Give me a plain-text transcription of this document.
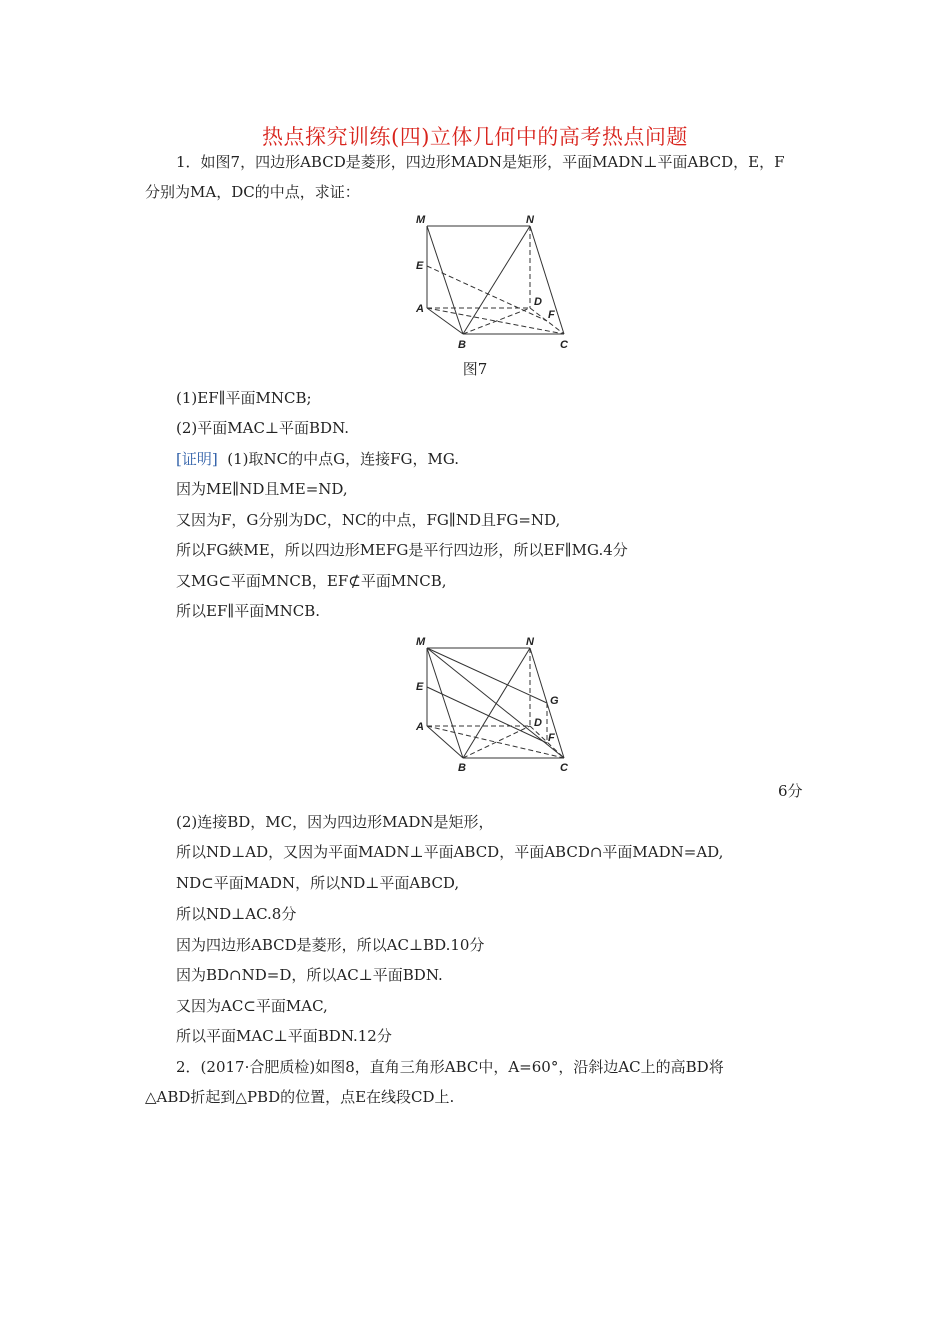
热点探究训练(四)立体几何中的高考热点问题
1．如图7，四边形ABCD是菱形，四边形MADN是矩形，平面MADN⊥平面ABCD，E，F
分别为MA，DC的中点，求证：
M	N
E
A
D
F
B	C
图7
(1)EF∥平面MNCB;
(2)平面MAC⊥平面BDN.
[证明] (1)取NC的中点G，连接FG，MG.
因为ME∥ND且ME=ND,
又因为F，G分别为DC，NC的中点，FG∥ND且FG=ND,
所以FG綊ME，所以四边形MEFG是平行四边形，所以EF∥MG.4分
又MG⊂平面MNCB，EF⊄平面MNCB,
所以EF∥平面MNCB.
M	N
G
E
A	D
F
B	C
6分
(2)连接BD，MC，因为四边形MADN是矩形，
所以ND⊥AD，又因为平面MADN⊥平面ABCD，平面ABCD∩平面MADN=AD,
ND⊂平面MADN，所以ND⊥平面ABCD,
所以ND⊥AC.8分
因为四边形ABCD是菱形，所以AC⊥BD.10分
因为BD∩ND=D，所以AC⊥平面BDN.
又因为AC⊂平面MAC,
所以平面MAC⊥平面BDN.12分
2．(2017·合肥质检)如图8，直角三角形ABC中，A=60°，沿斜边AC上的高BD将
△ABD折起到△PBD的位置，点E在线段CD上.
